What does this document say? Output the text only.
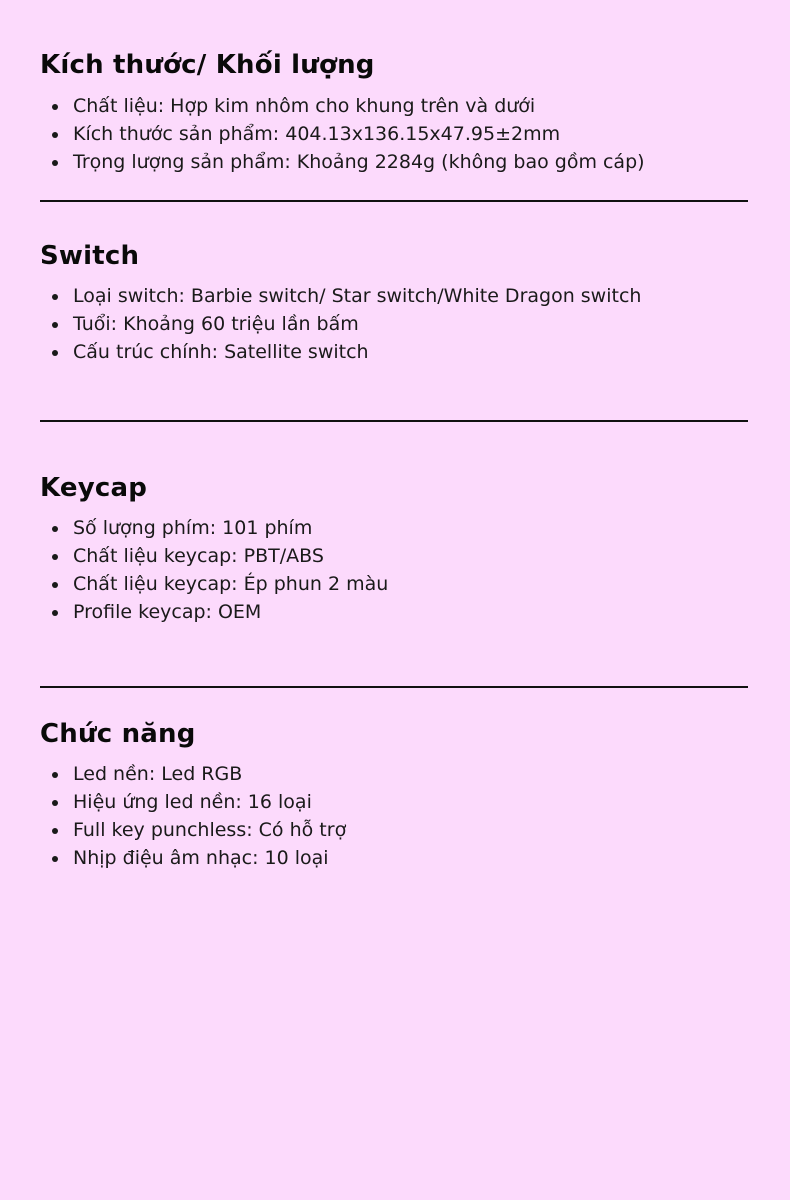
Kích thước/ Khối lượng
Chất liệu: Hợp kim nhôm cho khung trên và dưới
Kích thước sản phẩm: 404.13x136.15x47.95±2mm
Trọng lượng sản phẩm: Khoảng 2284g (không bao gồm cáp)
Switch
Loại switch: Barbie switch/ Star switch/White Dragon switch
Tuổi: Khoảng 60 triệu lần bấm
Cấu trúc chính: Satellite switch
Keycap
Số lượng phím: 101 phím
Chất liệu keycap: PBT/ABS
Chất liệu keycap: Ép phun 2 màu
Profile keycap: OEM
Chức năng
Led nền: Led RGB
Hiệu ứng led nền: 16 loại
Full key punchless: Có hỗ trợ
Nhịp điệu âm nhạc: 10 loại
